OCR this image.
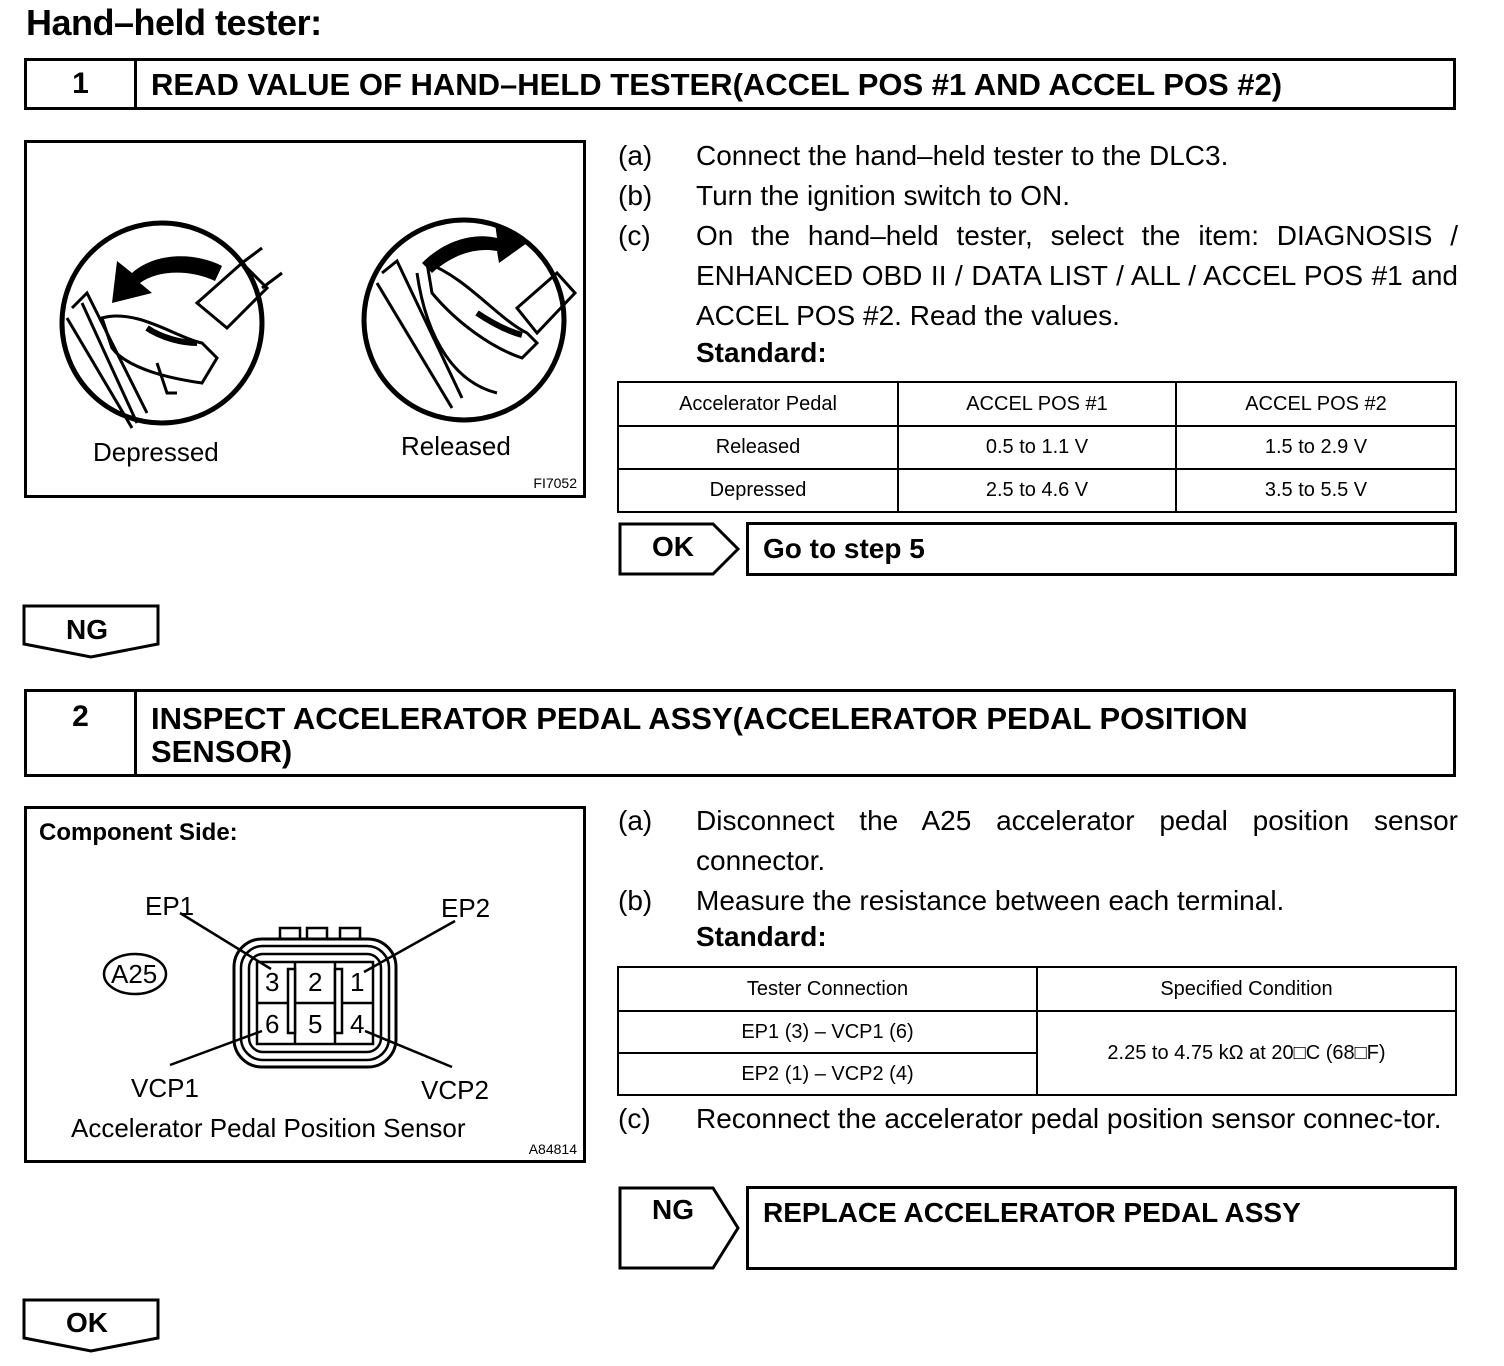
Hand–held tester:
1	READ VALUE OF HAND–HELD TESTER(ACCEL POS #1 AND ACCEL POS #2)
Depressed	Released
FI7052
(a) Connect the hand–held tester to the DLC3.
(b) Turn the ignition switch to ON.
(c) On the hand–held tester, select the item: DIAGNOSIS / ENHANCED OBD II / DATA LIST / ALL / ACCEL POS #1 and ACCEL POS #2. Read the values.
Standard:
Accelerator Pedal	ACCEL POS #1	ACCEL POS #2
Released	0.5 to 1.1 V	1.5 to 2.9 V
Depressed	2.5 to 4.6 V	3.5 to 5.5 V
OK Go to step 5
NG
2	INSPECT ACCELERATOR PEDAL ASSY(ACCELERATOR PEDAL POSITION SENSOR)
Component Side:
EP1	EP2
VCP1	VCP2
A25	3 2 1
6 5 4
Accelerator Pedal Position Sensor
A84814
(a) Disconnect the A25 accelerator pedal position sensor connector.
(b) Measure the resistance between each terminal.
Standard:
Tester Connection	Specified Condition
EP1 (3) – VCP1 (6)	2.25 to 4.75 kΩ at 20□C (68□F)
EP2 (1) – VCP2 (4)	
(c) Reconnect the accelerator pedal position sensor connec-tor.
NG REPLACE ACCELERATOR PEDAL ASSY
OK
